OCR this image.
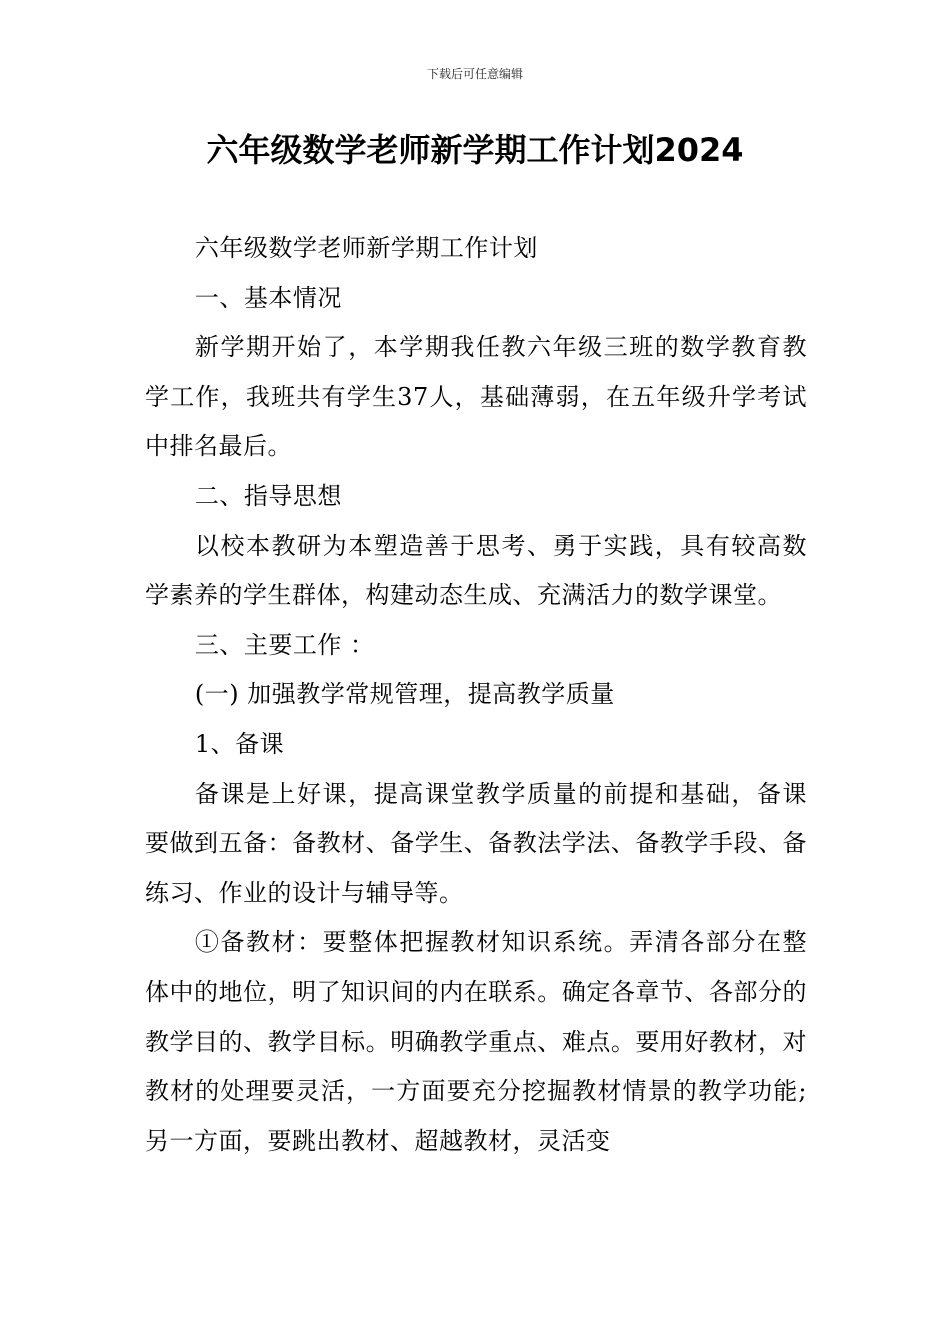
下载后可任意编辑
六年级数学老师新学期工作计划2024

六年级数学老师新学期工作计划

一、基本情况

新学期开始了，本学期我任教六年级三班的数学教育教学工作，我班共有学生37人，基础薄弱，在五年级升学考试中排名最后。

二、指导思想

以校本教研为本塑造善于思考、勇于实践，具有较高数学素养的学生群体，构建动态生成、充满活力的数学课堂。

三、主要工作 ：

(一) 加强教学常规管理，提高教学质量

1、备课

备课是上好课，提高课堂教学质量的前提和基础，备课要做到五备：备教材、备学生、备教法学法、备教学手段、备练习、作业的设计与辅导等。

①备教材：要整体把握教材知识系统。弄清各部分在整体中的地位，明了知识间的内在联系。确定各章节、各部分的教学目的、教学目标。明确教学重点、难点。要用好教材，对教材的处理要灵活，一方面要充分挖掘教材情景的教学功能;另一方面，要跳出教材、超越教材，灵活变
